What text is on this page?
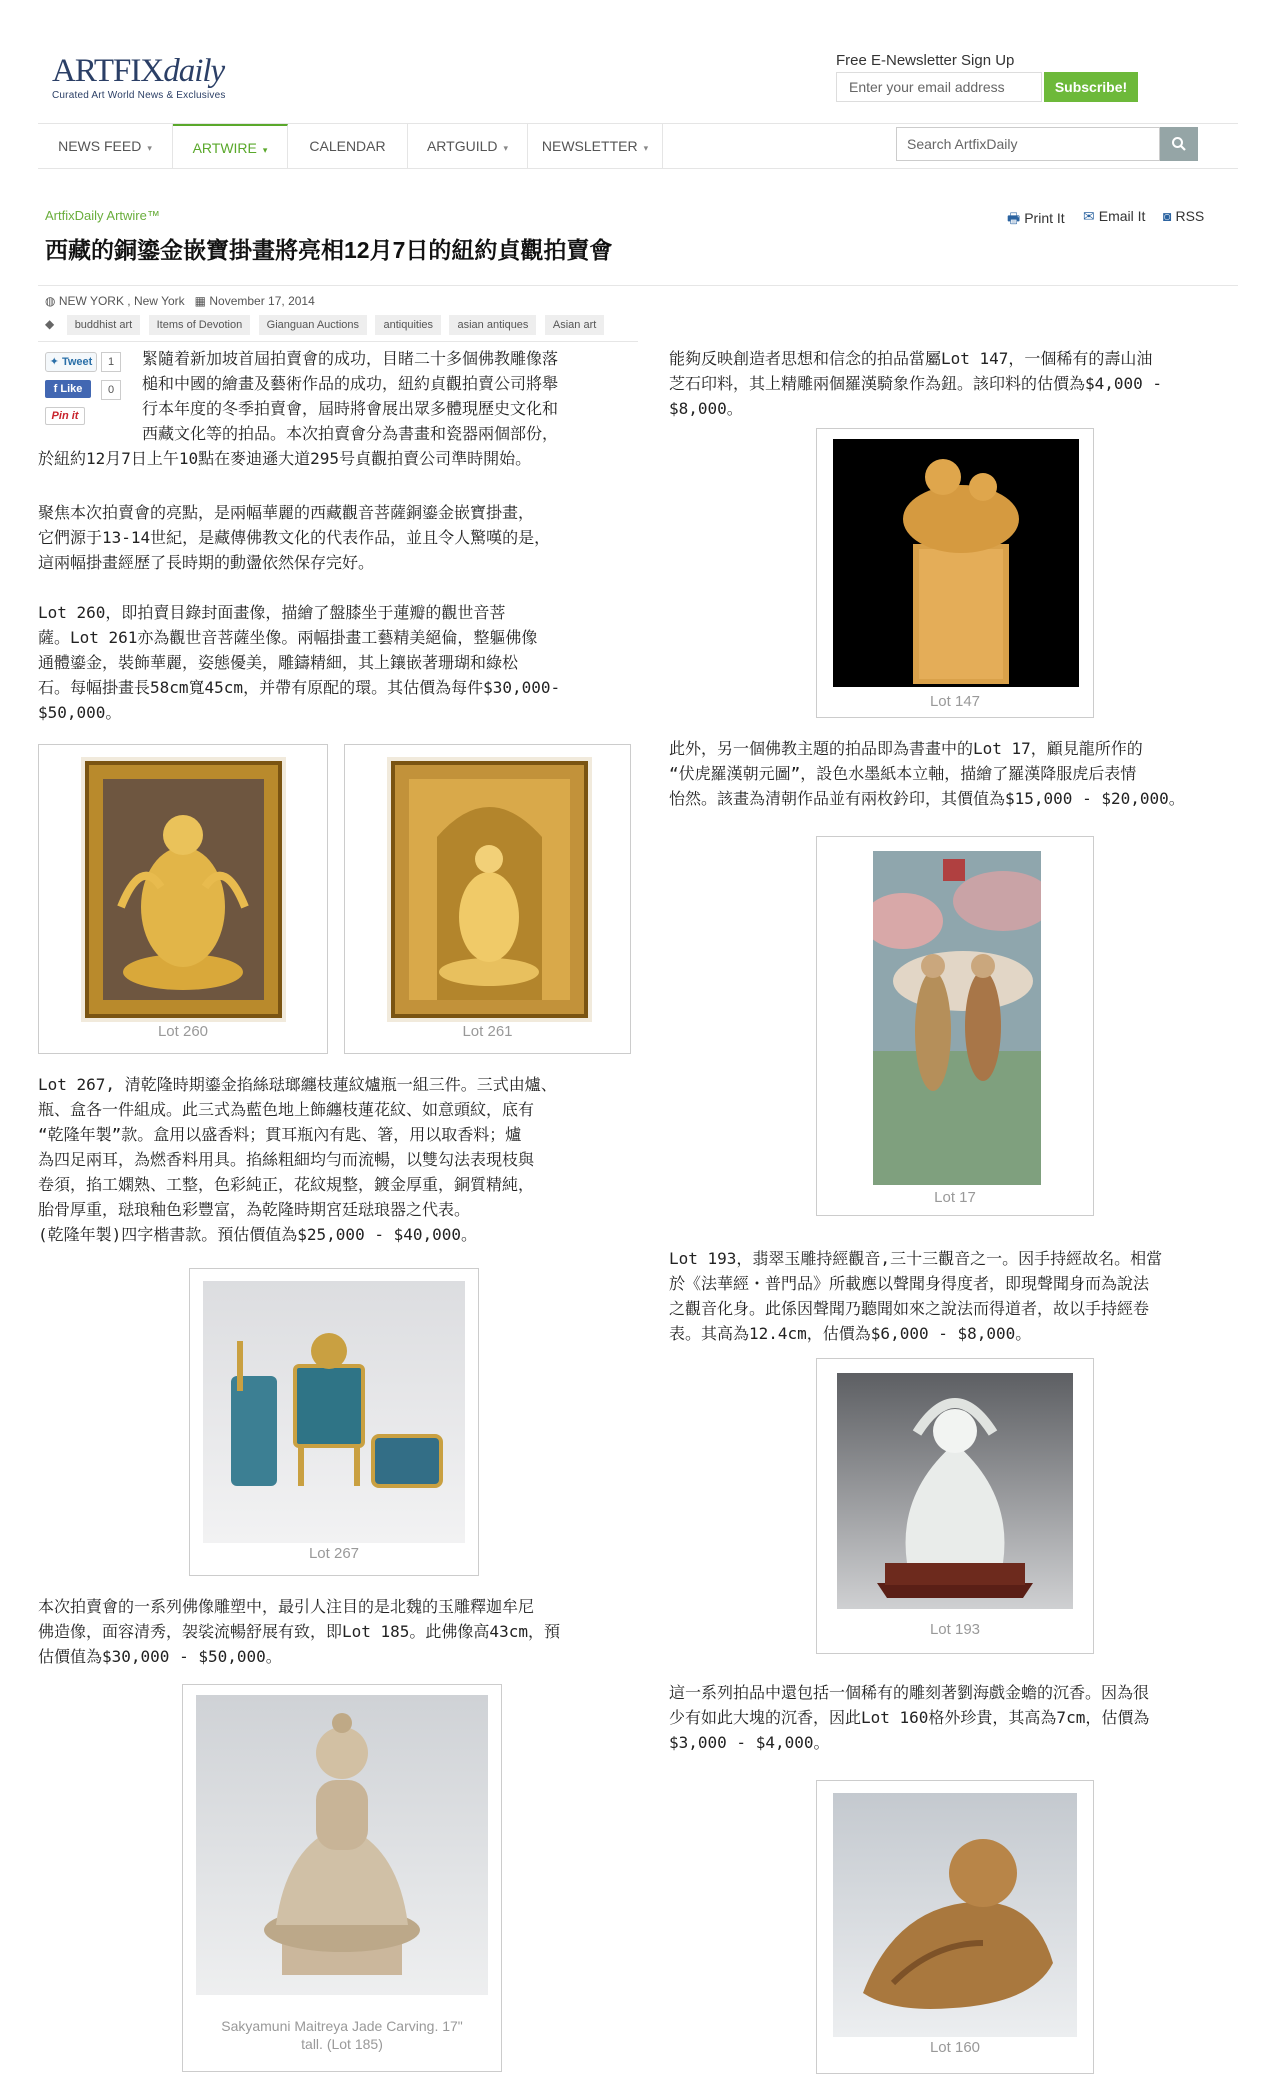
ARTFIXdaily
Curated Art World News & Exclusives
Free E-Newsletter Sign Up
Enter your email address	Subscribe!
NEWS FEED ▾	ARTWIRE ▾	CALENDAR	ARTGUILD ▾	NEWSLETTER ▾	Search ArtfixDaily
ArtfixDaily Artwire™
西藏的銅鎏金嵌寶掛畫將亮相12月7日的紐約貞觀拍賣會
🖶 Print It ✉ Email It ◙ RSS
◍ NEW YORK , New York ▦ November 17, 2014
◆ buddhist art Items of Devotion Gianguan Auctions antiquities asian antiques Asian art
✦ Tweet	1
f Like	0
Pin it
緊隨着新加坡首屆拍賣會的成功，目睹二十多個佛教雕像落
槌和中國的繪畫及藝術作品的成功，紐約貞觀拍賣公司將舉
行本年度的冬季拍賣會，屆時將會展出眾多體現歷史文化和
西藏文化等的拍品。本次拍賣會分為書畫和瓷器兩個部份，
於紐約12月7日上午10點在麥迪遜大道295号貞觀拍賣公司準時開始。
聚焦本次拍賣會的亮點，是兩幅華麗的西藏觀音菩薩銅鎏金嵌寶掛畫，
它們源于13-14世紀，是藏傳佛教文化的代表作品，並且令人驚嘆的是，
這兩幅掛畫經歷了長時期的動盪依然保存完好。
Lot 260，即拍賣目錄封面畫像，描繪了盤膝坐于蓮瓣的觀世音菩
薩。Lot 261亦為觀世音菩薩坐像。兩幅掛畫工藝精美絕倫，整軀佛像
通體鎏金，裝飾華麗，姿態優美，雕鑄精細，其上鑲嵌著珊瑚和綠松
石。每幅掛畫長58cm寬45cm，并帶有原配的環。其估價為每件$30,000-
$50,000。
Lot 260	Lot 261
Lot 267, 清乾隆時期鎏金掐絲琺瑯纏枝蓮紋爐瓶一組三件。三式由爐、
瓶、盒各一件組成。此三式為藍色地上飾纏枝蓮花紋、如意頭紋，底有
“乾隆年製”款。盒用以盛香料；貫耳瓶內有匙、箸，用以取香料；爐
為四足兩耳，為燃香料用具。掐絲粗細均勻而流暢，以雙勾法表現枝與
卷須，掐工嫻熟、工整，色彩純正，花紋規整，鍍金厚重，銅質精純，
胎骨厚重，琺琅釉色彩豐富，為乾隆時期宮廷琺琅器之代表。
(乾隆年製)四字楷書款。預估價值為$25,000 - $40,000。
Lot 267
本次拍賣會的一系列佛像雕塑中，最引人注目的是北魏的玉雕釋迦牟尼
佛造像，面容清秀，袈裟流暢舒展有致，即Lot 185。此佛像高43cm，預
估價值為$30,000 - $50,000。
Sakyamuni Maitreya Jade Carving. 17"
tall. (Lot 185)
能夠反映創造者思想和信念的拍品當屬Lot 147，一個稀有的壽山油
芝石印料，其上精雕兩個羅漢騎象作為鈕。該印料的估價為$4,000 -
$8,000。
Lot 147
此外，另一個佛教主題的拍品即為書畫中的Lot 17，顧見龍所作的
“伏虎羅漢朝元圖”，設色水墨紙本立軸，描繪了羅漢降服虎后表情
怡然。該畫為清朝作品並有兩枚鈐印，其價值為$15,000 - $20,000。
Lot 17
Lot 193，翡翠玉雕持經觀音,三十三觀音之一。因手持經故名。相當
於《法華經・普門品》所載應以聲聞身得度者，即現聲聞身而為說法
之觀音化身。此係因聲聞乃聽聞如來之說法而得道者，故以手持經卷
表。其高為12.4cm，估價為$6,000 - $8,000。
Lot 193
這一系列拍品中還包括一個稀有的雕刻著劉海戲金蟾的沉香。因為很
少有如此大塊的沉香，因此Lot 160格外珍貴，其高為7cm，估價為
$3,000 - $4,000。
Lot 160
